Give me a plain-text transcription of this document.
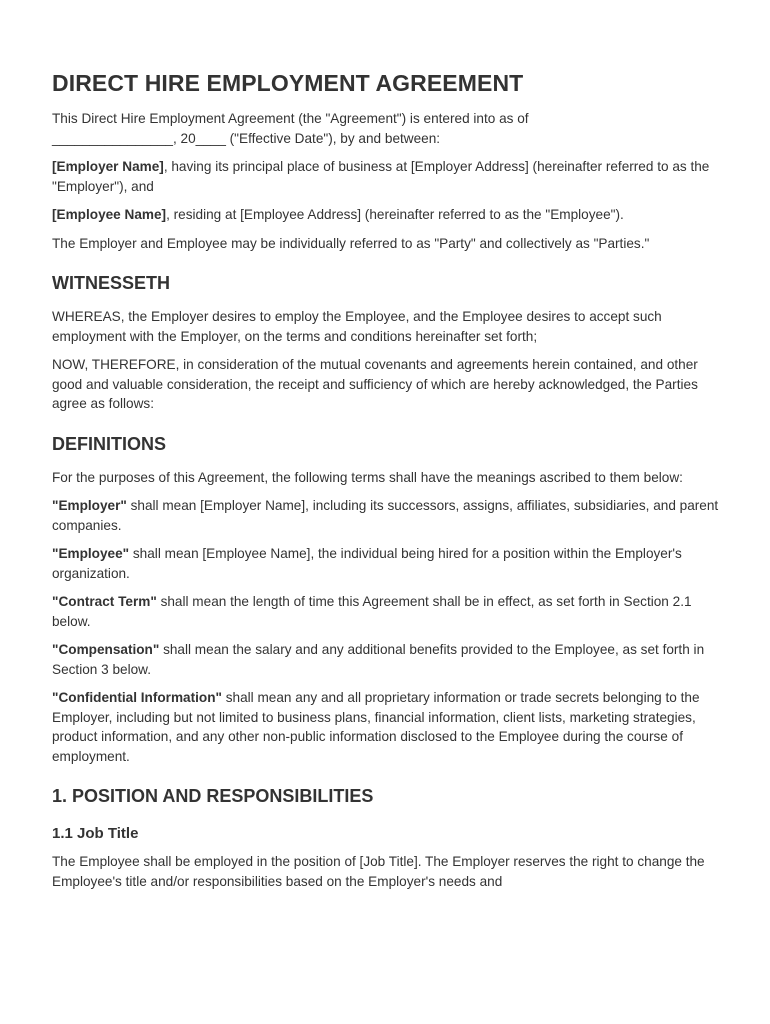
DIRECT HIRE EMPLOYMENT AGREEMENT

This Direct Hire Employment Agreement (the "Agreement") is entered into as of
________________, 20____ ("Effective Date"), by and between:

[Employer Name], having its principal place of business at [Employer Address] (hereinafter referred to as the "Employer"), and

[Employee Name], residing at [Employee Address] (hereinafter referred to as the "Employee").

The Employer and Employee may be individually referred to as "Party" and collectively as "Parties."

WITNESSETH

WHEREAS, the Employer desires to employ the Employee, and the Employee desires to accept such employment with the Employer, on the terms and conditions hereinafter set forth;

NOW, THEREFORE, in consideration of the mutual covenants and agreements herein contained, and other good and valuable consideration, the receipt and sufficiency of which are hereby acknowledged, the Parties agree as follows:

DEFINITIONS

For the purposes of this Agreement, the following terms shall have the meanings ascribed to them below:

"Employer" shall mean [Employer Name], including its successors, assigns, affiliates, subsidiaries, and parent companies.

"Employee" shall mean [Employee Name], the individual being hired for a position within the Employer's organization.

"Contract Term" shall mean the length of time this Agreement shall be in effect, as set forth in Section 2.1 below.

"Compensation" shall mean the salary and any additional benefits provided to the Employee, as set forth in Section 3 below.

"Confidential Information" shall mean any and all proprietary information or trade secrets belonging to the Employer, including but not limited to business plans, financial information, client lists, marketing strategies, product information, and any other non-public information disclosed to the Employee during the course of employment.

1. POSITION AND RESPONSIBILITIES
1.1 Job Title

The Employee shall be employed in the position of [Job Title]. The Employer reserves the right to change the Employee's title and/or responsibilities based on the Employer's needs and
